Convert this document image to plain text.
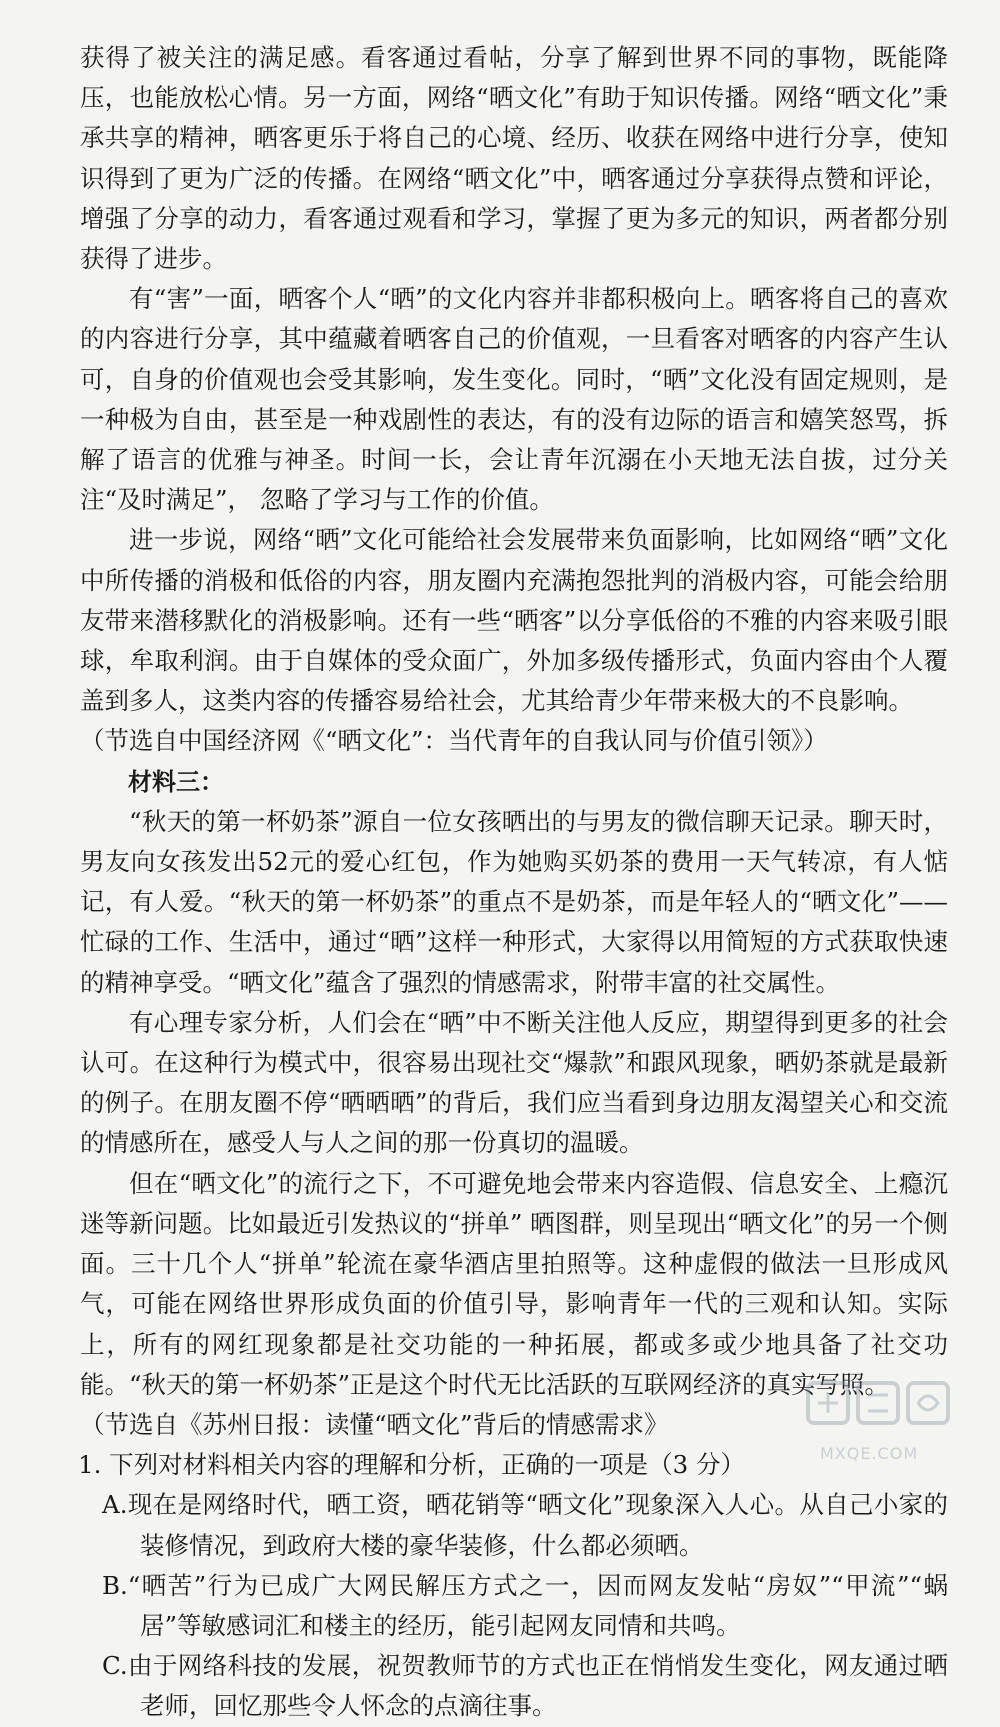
获得了被关注的满足感。看客通过看帖，分享了解到世界不同的事物，既能降压，也能放松心情。另一方面，网络“晒文化”有助于知识传播。网络“晒文化”秉承共享的精神，晒客更乐于将自己的心境、经历、收获在网络中进行分享，使知识得到了更为广泛的传播。在网络“晒文化”中，晒客通过分享获得点赞和评论，增强了分享的动力，看客通过观看和学习，掌握了更为多元的知识，两者都分别获得了进步。

有“害”一面，晒客个人“晒”的文化内容并非都积极向上。晒客将自己的喜欢的内容进行分享，其中蕴藏着晒客自己的价值观，一旦看客对晒客的内容产生认可，自身的价值观也会受其影响，发生变化。同时，“晒”文化没有固定规则，是一种极为自由，甚至是一种戏剧性的表达，有的没有边际的语言和嬉笑怒骂，拆解了语言的优雅与神圣。时间一长，会让青年沉溺在小天地无法自拔，过分关注“及时满足”， 忽略了学习与工作的价值。

进一步说，网络“晒”文化可能给社会发展带来负面影响，比如网络“晒”文化中所传播的消极和低俗的内容，朋友圈内充满抱怨批判的消极内容，可能会给朋友带来潜移默化的消极影响。还有一些“晒客”以分享低俗的不雅的内容来吸引眼球，牟取利润。由于自媒体的受众面广，外加多级传播形式，负面内容由个人覆盖到多人，这类内容的传播容易给社会，尤其给青少年带来极大的不良影响。

（节选自中国经济网《“晒文化”：当代青年的自我认同与价值引领》）

材料三：

“秋天的第一杯奶茶”源自一位女孩晒出的与男友的微信聊天记录。聊天时，男友向女孩发出52元的爱心红包，作为她购买奶茶的费用一天气转凉，有人惦记，有人爱。“秋天的第一杯奶茶”的重点不是奶茶，而是年轻人的“晒文化”——忙碌的工作、生活中，通过“晒”这样一种形式，大家得以用简短的方式获取快速的精神享受。“晒文化”蕴含了强烈的情感需求，附带丰富的社交属性。

有心理专家分析，人们会在“晒”中不断关注他人反应，期望得到更多的社会认可。在这种行为模式中，很容易出现社交“爆款”和跟风现象，晒奶茶就是最新的例子。在朋友圈不停“晒晒晒”的背后，我们应当看到身边朋友渴望关心和交流的情感所在，感受人与人之间的那一份真切的温暖。

但在“晒文化”的流行之下，不可避免地会带来内容造假、信息安全、上瘾沉迷等新问题。比如最近引发热议的“拼单” 晒图群，则呈现出“晒文化”的另一个侧面。三十几个人“拼单”轮流在豪华酒店里拍照等。这种虚假的做法一旦形成风气，可能在网络世界形成负面的价值引导，影响青年一代的三观和认知。实际上，所有的网红现象都是社交功能的一种拓展，都或多或少地具备了社交功能。“秋天的第一杯奶茶”正是这个时代无比活跃的互联网经济的真实写照。

（节选自《苏州日报：读懂“晒文化”背后的情感需求》

1. 下列对材料相关内容的理解和分析，正确的一项是（3 分）

A.现在是网络时代，晒工资，晒花销等“晒文化”现象深入人心。从自己小家的装修情况，到政府大楼的豪华装修，什么都必须晒。

B.“晒苦”行为已成广大网民解压方式之一，因而网友发帖“房奴”“甲流”“蜗居”等敏感词汇和楼主的经历，能引起网友同情和共鸣。

C.由于网络科技的发展，祝贺教师节的方式也正在悄悄发生变化，网友通过晒老师，回忆那些令人怀念的点滴往事。

MXQE.COM
